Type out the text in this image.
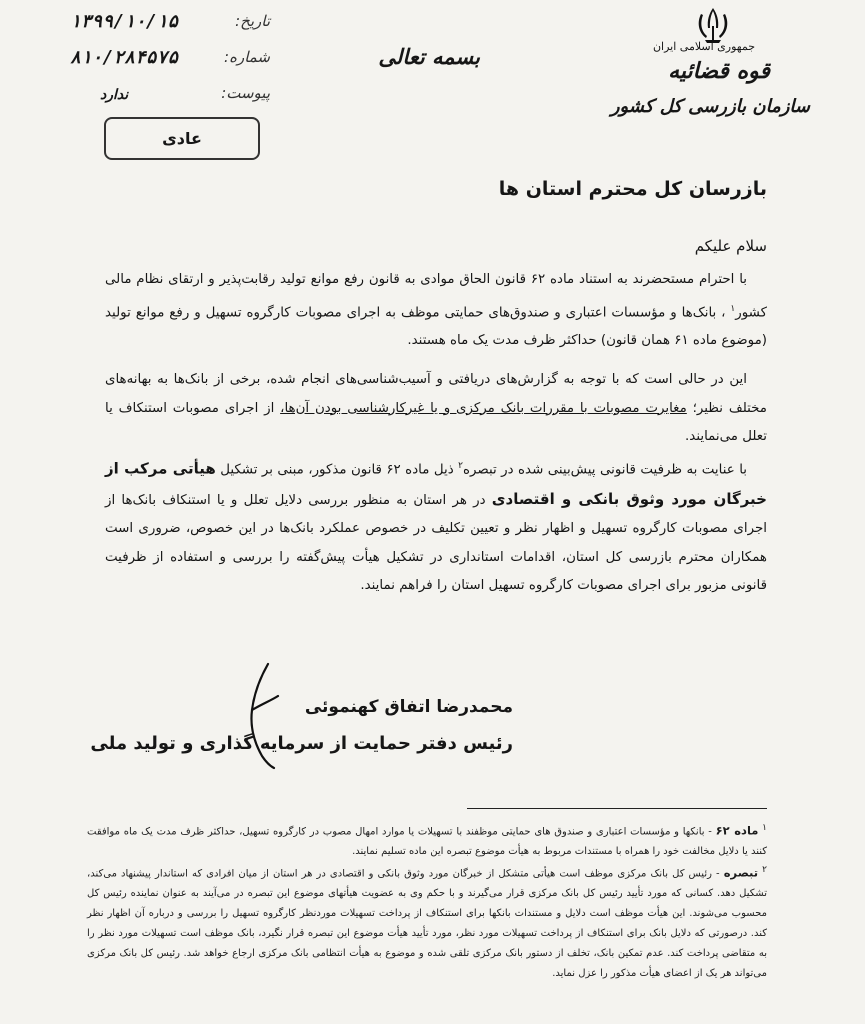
جمهوری اسلامی ایران
قوه قضائیه
سازمان بازرسی کل کشور
بسمه تعالی
تاریخ:
۱۳۹۹/۱۰/۱۵
شماره:
۸۱۰/۲۸۴۵۷۵
پیوست:
ندارد
عادی
بازرسان کل محترم استان ها
سلام علیکم
با احترام مستحضرند به استناد ماده ۶۲ قانون الحاق موادی به قانون رفع موانع تولید رقابت‌پذیر و ارتقای نظام مالی کشور$^۱$ ، بانک‌ها و مؤسسات اعتباری و صندوق‌های حمایتی موظف به اجرای مصوبات کارگروه تسهیل و رفع موانع تولید (موضوع ماده ۶۱ همان قانون) حداکثر ظرف مدت یک ماه هستند.
این در حالی است که با توجه به گزارش‌های دریافتی و آسیب‌شناسی‌های انجام شده، برخی از بانک‌ها به بهانه‌های مختلف نظیر؛ مغایرت مصوبات با مقررات بانک مرکزی و یا غیرکارشناسی بودن آن‌ها، از اجرای مصوبات استنکاف یا تعلل می‌نمایند.
با عنایت به ظرفیت قانونی پیش‌بینی شده در تبصره$^۲$ ذیل ماده ۶۲ قانون مذکور، مبنی بر تشکیل هیأتی مرکب از خبرگان مورد وثوق بانکی و اقتصادی در هر استان به منظور بررسی دلایل تعلل و یا استنکاف بانک‌ها از اجرای مصوبات کارگروه تسهیل و اظهار نظر و تعیین تکلیف در خصوص عملکرد بانک‌ها در این خصوص، ضروری است همکاران محترم بازرسی کل استان، اقدامات استانداری در تشکیل هیأت پیش‌گفته را بررسی و استفاده از ظرفیت قانونی مزبور برای اجرای مصوبات کارگروه تسهیل استان را فراهم نمایند.
محمدرضا اتفاق کهنموئی
رئیس دفتر حمایت از سرمایه گذاری و تولید ملی
$^۱$ ماده ۶۲ - بانکها و مؤسسات اعتباری و صندوق های حمایتی موظفند با تسهیلات یا موارد امهال مصوب در کارگروه تسهیل، حداکثر ظرف مدت یک ماه موافقت کنند یا دلایل مخالفت خود را همراه با مستندات مربوط به هیأت موضوع تبصره این ماده تسلیم نمایند.
$^۲$ تبصره - رئیس کل بانک مرکزی موظف است هیأتی متشکل از خبرگان مورد وثوق بانکی و اقتصادی در هر استان از میان افرادی که استاندار پیشنهاد می‌کند، تشکیل دهد. کسانی که مورد تأیید رئیس کل بانک مرکزی قرار می‌گیرند و با حکم وی به عضویت هیأتهای موضوع این تبصره در می‌آیند به عنوان نماینده رئیس کل محسوب می‌شوند. این هیأت موظف است دلایل و مستندات بانکها برای استنکاف از پرداخت تسهیلات موردنظر کارگروه تسهیل را بررسی و درباره آن اظهار نظر کند. درصورتی که دلایل بانک برای استنکاف از پرداخت تسهیلات مورد نظر، مورد تأیید هیأت موضوع این تبصره قرار نگیرد، بانک موظف است تسهیلات مورد نظر را به متقاضی پرداخت کند. عدم تمکین بانک، تخلف از دستور بانک مرکزی تلقی شده و موضوع به هیأت انتظامی بانک مرکزی ارجاع خواهد شد. رئیس کل بانک مرکزی می‌تواند هر یک از اعضای هیأت مذکور را عزل نماید.
